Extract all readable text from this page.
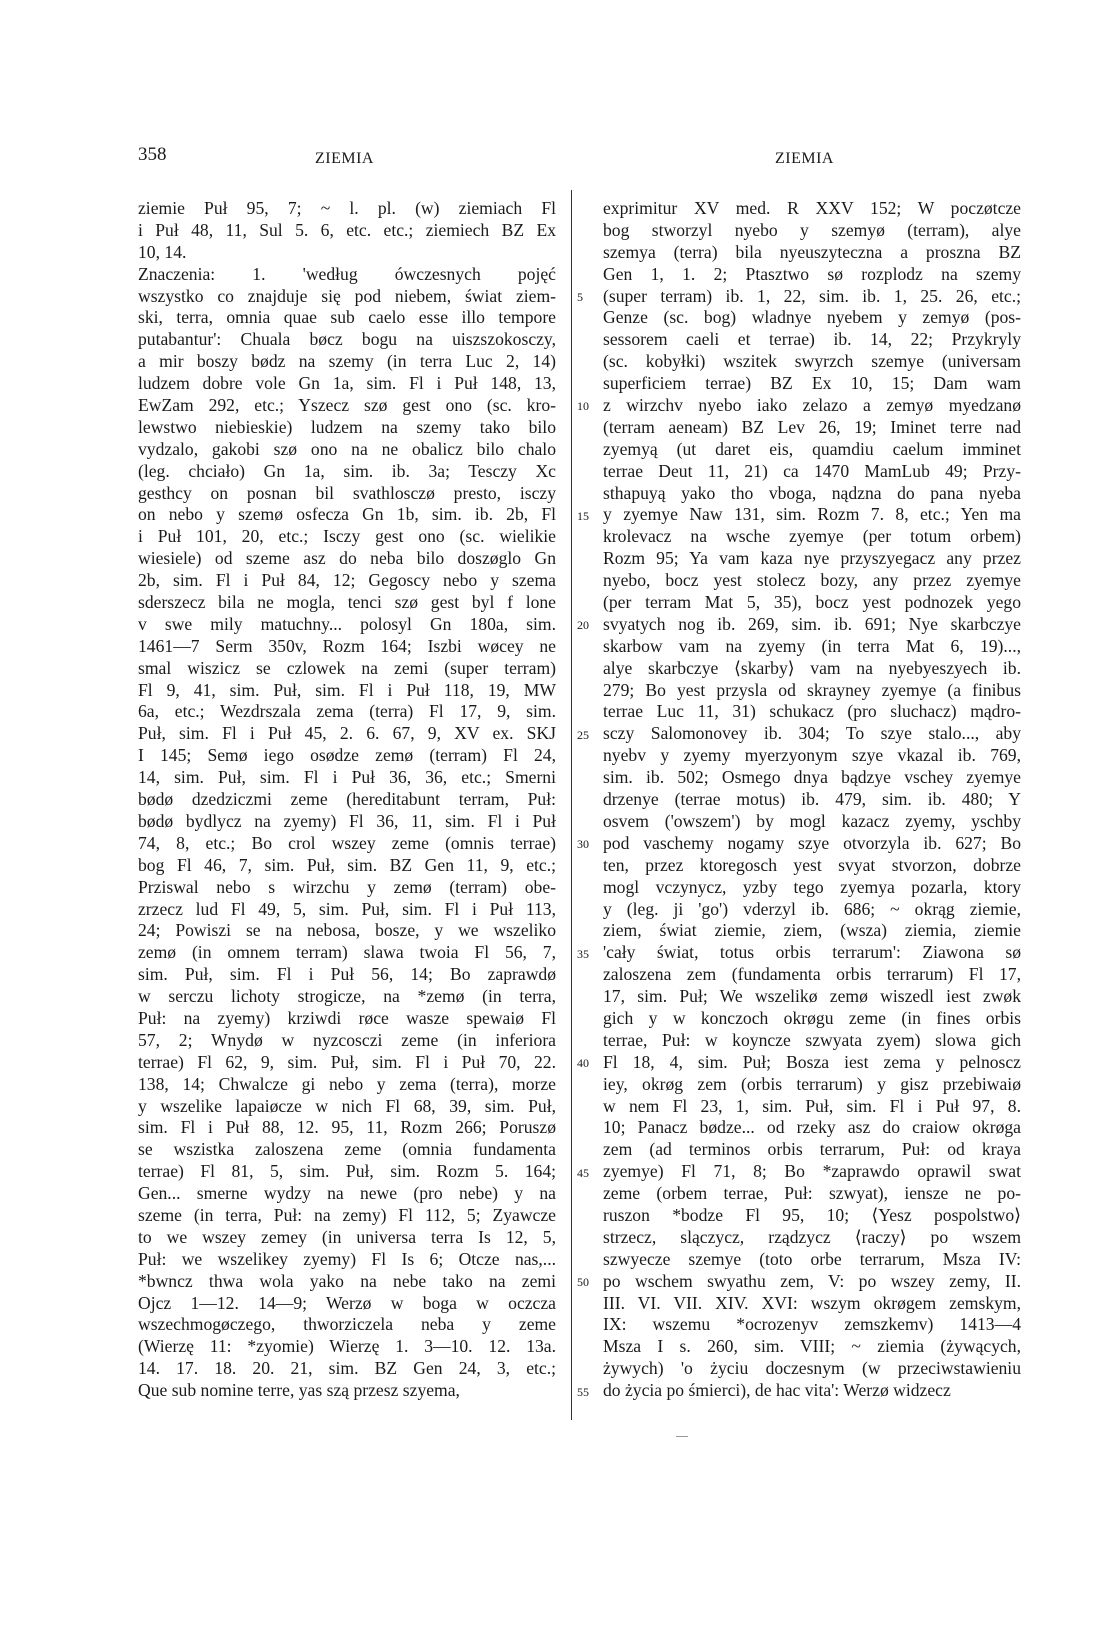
358	ZIEMIA	ZIEMIA
ziemie Puł 95, 7; ~ l. pl. (w) ziemiach Fl
i Puł 48, 11, Sul 5. 6, etc. etc.; ziemiech BZ Ex
10, 14.
Znaczenia: 1. 'według ówczesnych pojęć
wszystko co znajduje się pod niebem, świat ziem-
ski, terra, omnia quae sub caelo esse illo tempore
putabantur': Chuala bøcz bogu na uiszszokosczy,
a mir boszy bødz na szemy (in terra Luc 2, 14)
ludzem dobre vole Gn 1a, sim. Fl i Puł 148, 13,
EwZam 292, etc.; Yszecz szø gest ono (sc. kro-
lewstwo niebieskie) ludzem na szemy tako bilo
vydzalo, gakobi szø ono na ne obalicz bilo chalo
(leg. chciało) Gn 1a, sim. ib. 3a; Tesczy Xc
gesthcy on posnan bil svathlosczø presto, isczy
on nebo y szemø osfecza Gn 1b, sim. ib. 2b, Fl
i Puł 101, 20, etc.; Isczy gest ono (sc. wielikie
wiesiele) od szeme asz do neba bilo doszøglo Gn
2b, sim. Fl i Puł 84, 12; Gegoscy nebo y szema
sderszecz bila ne mogla, tenci szø gest byl f lone
v swe mily matuchny... polosyl Gn 180a, sim.
1461—7 Serm 350v, Rozm 164; Iszbi wøcey ne
smal wiszicz se czlowek na zemi (super terram)
Fl 9, 41, sim. Puł, sim. Fl i Puł 118, 19, MW
6a, etc.; Wezdrszala zema (terra) Fl 17, 9, sim.
Puł, sim. Fl i Puł 45, 2. 6. 67, 9, XV ex. SKJ
I 145; Semø iego osødze zemø (terram) Fl 24,
14, sim. Puł, sim. Fl i Puł 36, 36, etc.; Smerni
bødø dzedziczmi zeme (hereditabunt terram, Puł:
bødø bydlycz na zyemy) Fl 36, 11, sim. Fl i Puł
74, 8, etc.; Bo crol wszey zeme (omnis terrae)
bog Fl 46, 7, sim. Puł, sim. BZ Gen 11, 9, etc.;
Prziswal nebo s wirzchu y zemø (terram) obe-
zrzecz lud Fl 49, 5, sim. Puł, sim. Fl i Puł 113,
24; Powiszi se na nebosa, bosze, y we wszeliko
zemø (in omnem terram) slawa twoia Fl 56, 7,
sim. Puł, sim. Fl i Puł 56, 14; Bo zaprawdø
w serczu lichoty strogicze, na *zemø (in terra,
Puł: na zyemy) krziwdi røce wasze spewaiø Fl
57, 2; Wnydø w nyzcosczi zeme (in inferiora
terrae) Fl 62, 9, sim. Puł, sim. Fl i Puł 70, 22.
138, 14; Chwalcze gi nebo y zema (terra), morze
y wszelike lapaiøcze w nich Fl 68, 39, sim. Puł,
sim. Fl i Puł 88, 12. 95, 11, Rozm 266; Poruszø
se wszistka zaloszena zeme (omnia fundamenta
terrae) Fl 81, 5, sim. Puł, sim. Rozm 5. 164;
Gen... smerne wydzy na newe (pro nebe) y na
szeme (in terra, Puł: na zemy) Fl 112, 5; Zyawcze
to we wszey zemey (in universa terra Is 12, 5,
Puł: we wszelikey zyemy) Fl Is 6; Otcze nas,...
*bwncz thwa wola yako na nebe tako na zemi
Ojcz 1—12. 14—9; Werzø w boga w oczcza
wszechmogøczego, thworziczela neba y zeme
(Wierzę 11: *zyomie) Wierzę 1. 3—10. 12. 13a.
14. 17. 18. 20. 21, sim. BZ Gen 24, 3, etc.;
Que sub nomine terre, yas szą przesz szyema,
5
10
15
20
25
30
35
40
45
50
55
exprimitur XV med. R XXV 152; W poczøtcze
bog stworzyl nyebo y szemyø (terram), alye
szemya (terra) bila nyeuszyteczna a proszna BZ
Gen 1, 1. 2; Ptasztwo sø rozplodz na szemy
(super terram) ib. 1, 22, sim. ib. 1, 25. 26, etc.;
Genze (sc. bog) wladnye nyebem y zemyø (pos-
sessorem caeli et terrae) ib. 14, 22; Przykryly
(sc. kobyłki) wszitek swyrzch szemye (universam
superficiem terrae) BZ Ex 10, 15; Dam wam
z wirzchv nyebo iako zelazo a zemyø myedzanø
(terram aeneam) BZ Lev 26, 19; Iminet terre nad
zyemyą (ut daret eis, quamdiu caelum imminet
terrae Deut 11, 21) ca 1470 MamLub 49; Przy-
sthapuyą yako tho vboga, nądzna do pana nyeba
y zyemye Naw 131, sim. Rozm 7. 8, etc.; Yen ma
krolevacz na wsche zyemye (per totum orbem)
Rozm 95; Ya vam kaza nye przyszyegacz any przez
nyebo, bocz yest stolecz bozy, any przez zyemye
(per terram Mat 5, 35), bocz yest podnozek yego
svyatych nog ib. 269, sim. ib. 691; Nye skarbczye
skarbow vam na zyemy (in terra Mat 6, 19)...,
alye skarbczye ⟨skarby⟩ vam na nyebyeszyech ib.
279; Bo yest przysla od skrayney zyemye (a finibus
terrae Luc 11, 31) schukacz (pro sluchacz) mądro-
sczy Salomonovey ib. 304; To szye stalo..., aby
nyebv y zyemy myerzyonym szye vkazal ib. 769,
sim. ib. 502; Osmego dnya bądzye vschey zyemye
drzenye (terrae motus) ib. 479, sim. ib. 480; Y
osvem ('owszem') by mogl kazacz zyemy, yschby
pod vaschemy nogamy szye otvorzyla ib. 627; Bo
ten, przez ktoregosch yest svyat stvorzon, dobrze
mogl vczynycz, yzby tego zyemya pozarla, ktory
y (leg. ji 'go') vderzyl ib. 686; ~ okrąg ziemie,
ziem, świat ziemie, ziem, (wsza) ziemia, ziemie
'cały świat, totus orbis terrarum': Ziawona sø
zaloszena zem (fundamenta orbis terrarum) Fl 17,
17, sim. Puł; We wszelikø zemø wiszedl iest zwøk
gich y w konczoch okrøgu zeme (in fines orbis
terrae, Puł: w koyncze szwyata zyem) slowa gich
Fl 18, 4, sim. Puł; Bosza iest zema y pelnoscz
iey, okrøg zem (orbis terrarum) y gisz przebiwaiø
w nem Fl 23, 1, sim. Puł, sim. Fl i Puł 97, 8.
10; Panacz bødze... od rzeky asz do craiow okrøga
zem (ad terminos orbis terrarum, Puł: od kraya
zyemye) Fl 71, 8; Bo *zaprawdo oprawil swat
zeme (orbem terrae, Puł: szwyat), iensze ne po-
ruszon *bodze Fl 95, 10; ⟨Yesz pospolstwo⟩
strzecz, slączycz, rządzycz ⟨raczy⟩ po wszem
szwyecze szemye (toto orbe terrarum, Msza IV:
po wschem swyathu zem, V: po wszey zemy, II.
III. VI. VII. XIV. XVI: wszym okrøgem zemskym,
IX: wszemu *ocrozenyv zemszkemv) 1413—4
Msza I s. 260, sim. VIII; ~ ziemia (żywących,
żywych) 'o życiu doczesnym (w przeciwstawieniu
do życia po śmierci), de hac vita': Werzø widzecz
